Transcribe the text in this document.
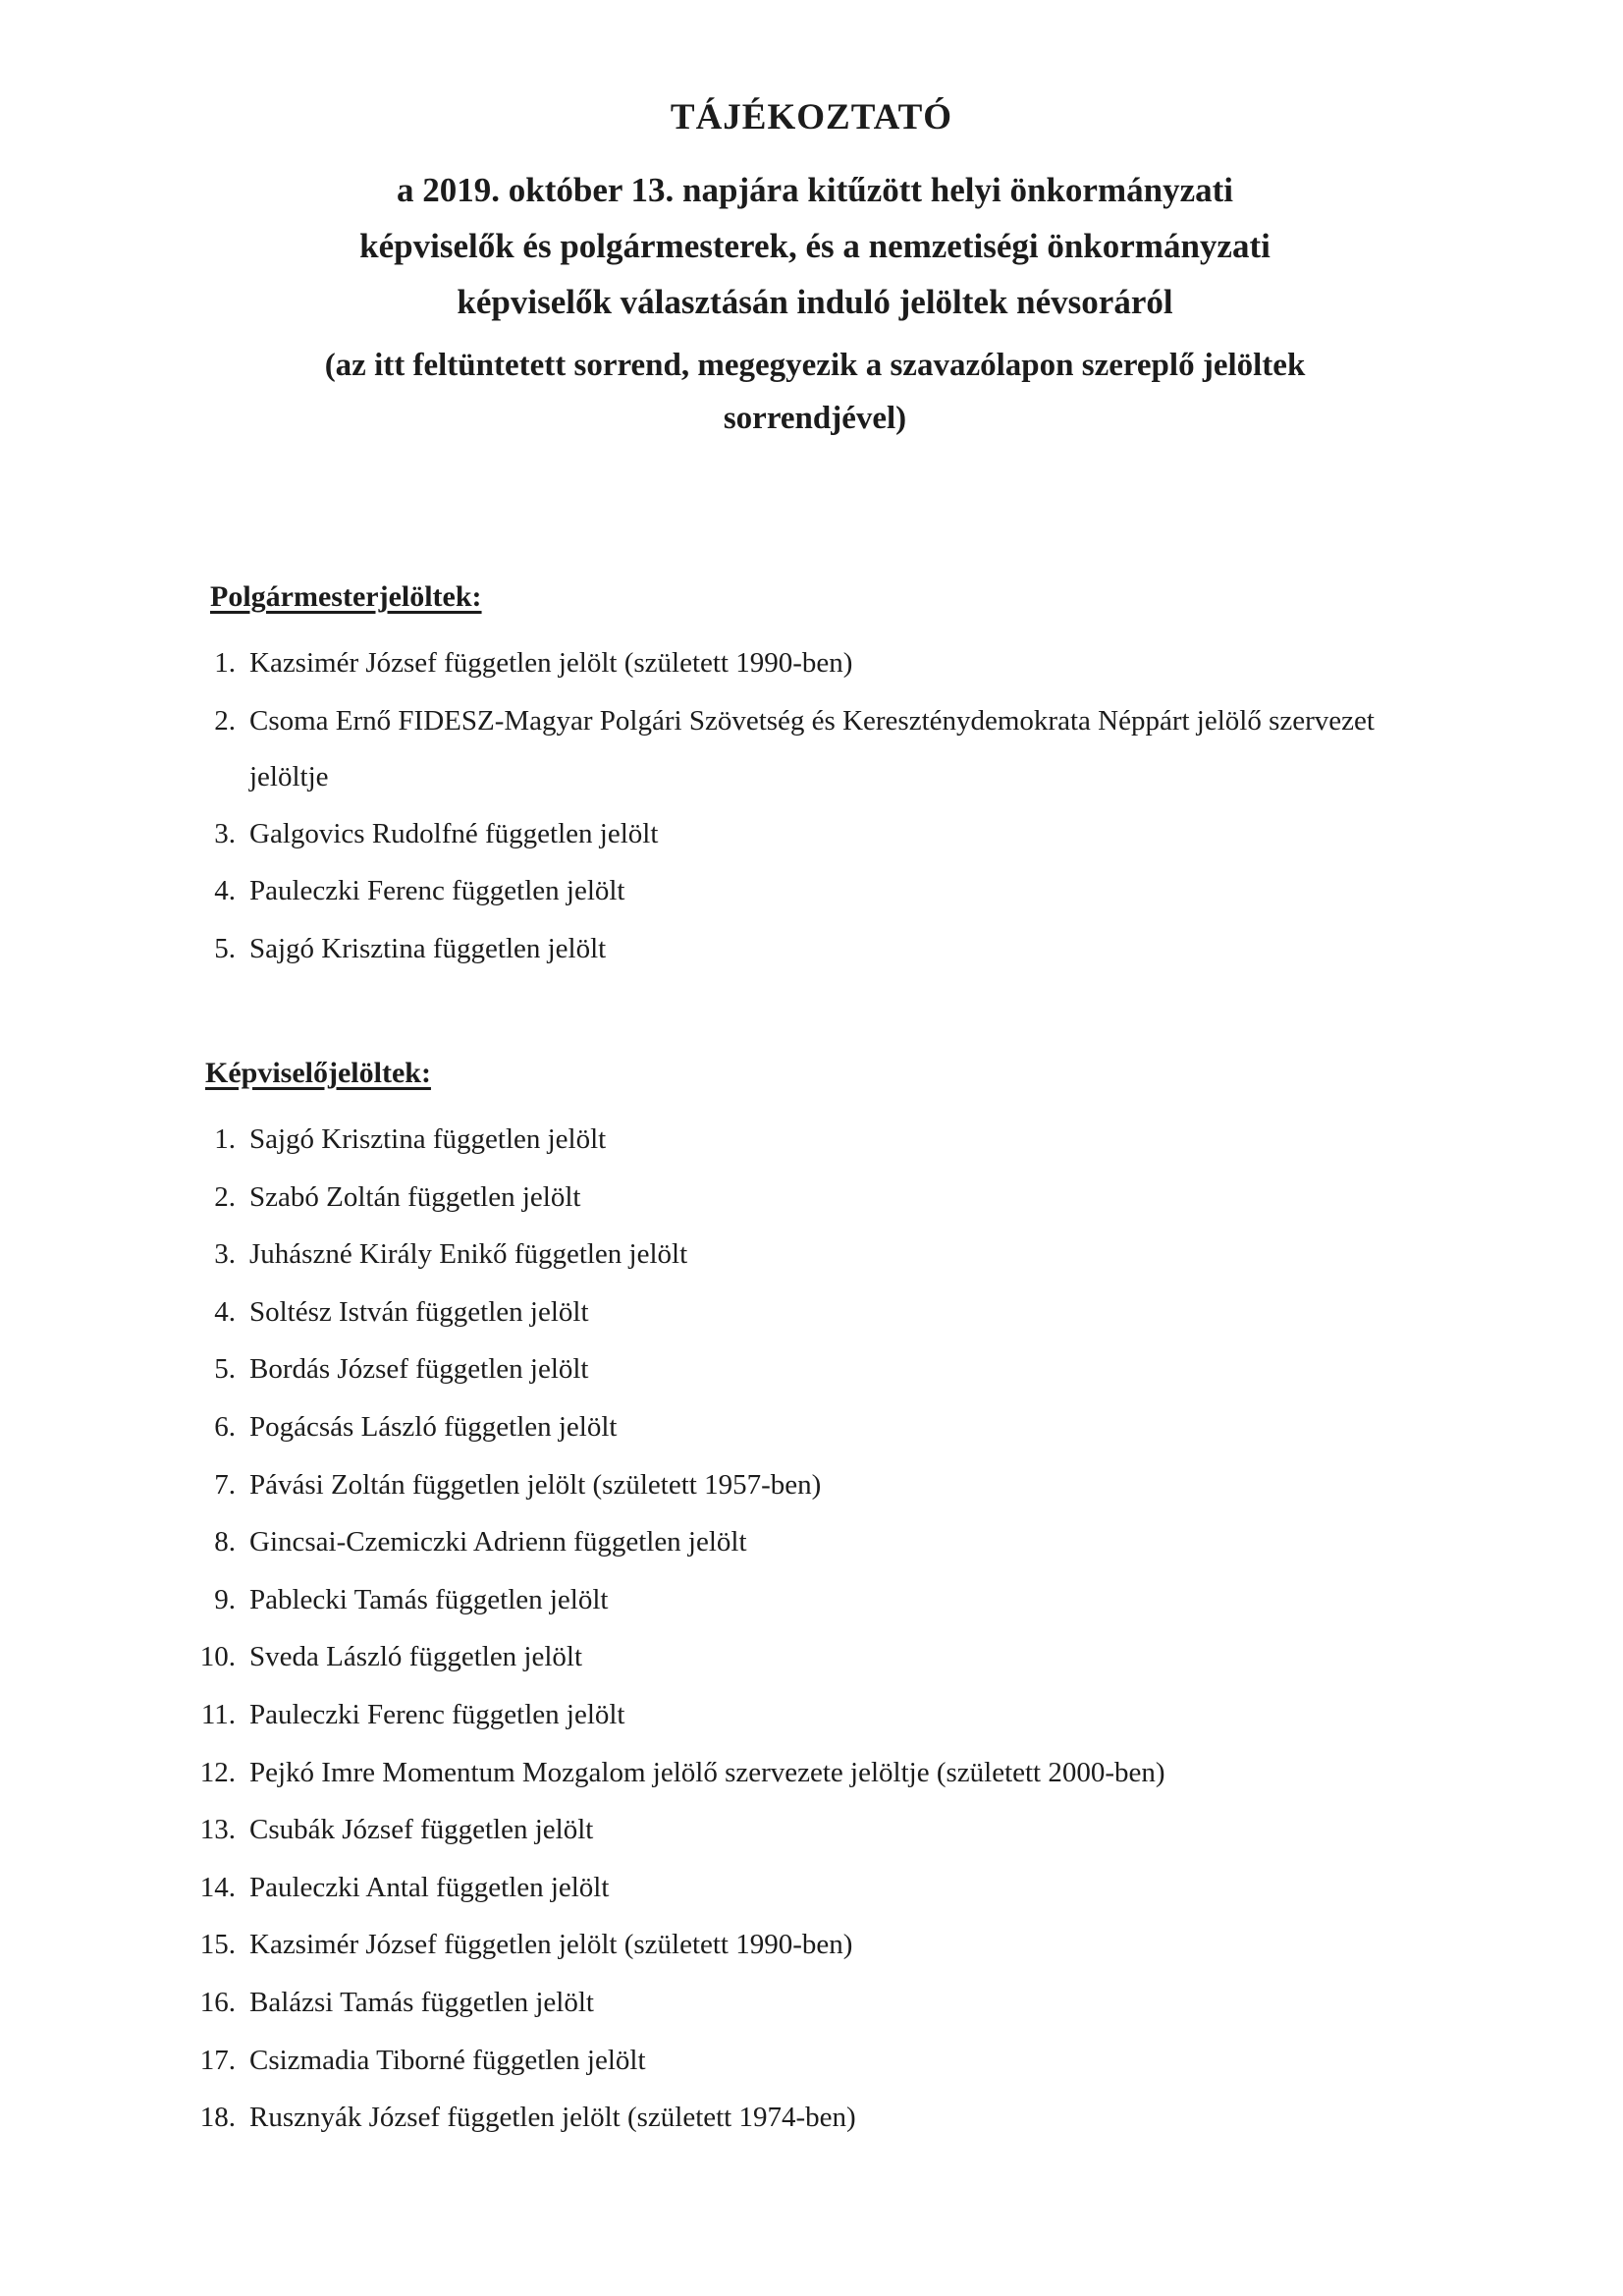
TÁJÉKOZTATÓ
a 2019. október 13. napjára kitűzött helyi önkormányzati
képviselők és polgármesterek, és a nemzetiségi önkormányzati
képviselők választásán induló jelöltek névsoráról
(az itt feltüntetett sorrend, megegyezik a szavazólapon szereplő jelöltek
sorrendjével)
Polgármesterjelöltek:
1. Kazsimér József független jelölt (született 1990-ben)
2. Csoma Ernő FIDESZ-Magyar Polgári Szövetség és Kereszténydemokrata Néppárt jelölő szervezet jelöltje
3. Galgovics Rudolfné független jelölt
4. Pauleczki Ferenc független jelölt
5. Sajgó Krisztina független jelölt
Képviselőjelöltek:
1. Sajgó Krisztina független jelölt
2. Szabó Zoltán független jelölt
3. Juhászné Király Enikő független jelölt
4. Soltész István független jelölt
5. Bordás József független jelölt
6. Pogácsás László független jelölt
7. Pávási Zoltán független jelölt (született 1957-ben)
8. Gincsai-Czemiczki Adrienn független jelölt
9. Pablecki Tamás független jelölt
10. Sveda László független jelölt
11. Pauleczki Ferenc független jelölt
12. Pejkó Imre Momentum Mozgalom jelölő szervezete jelöltje (született 2000-ben)
13. Csubák József független jelölt
14. Pauleczki Antal független jelölt
15. Kazsimér József független jelölt (született 1990-ben)
16. Balázsi Tamás független jelölt
17. Csizmadia Tiborné független jelölt
18. Rusznyák József független jelölt (született 1974-ben)
